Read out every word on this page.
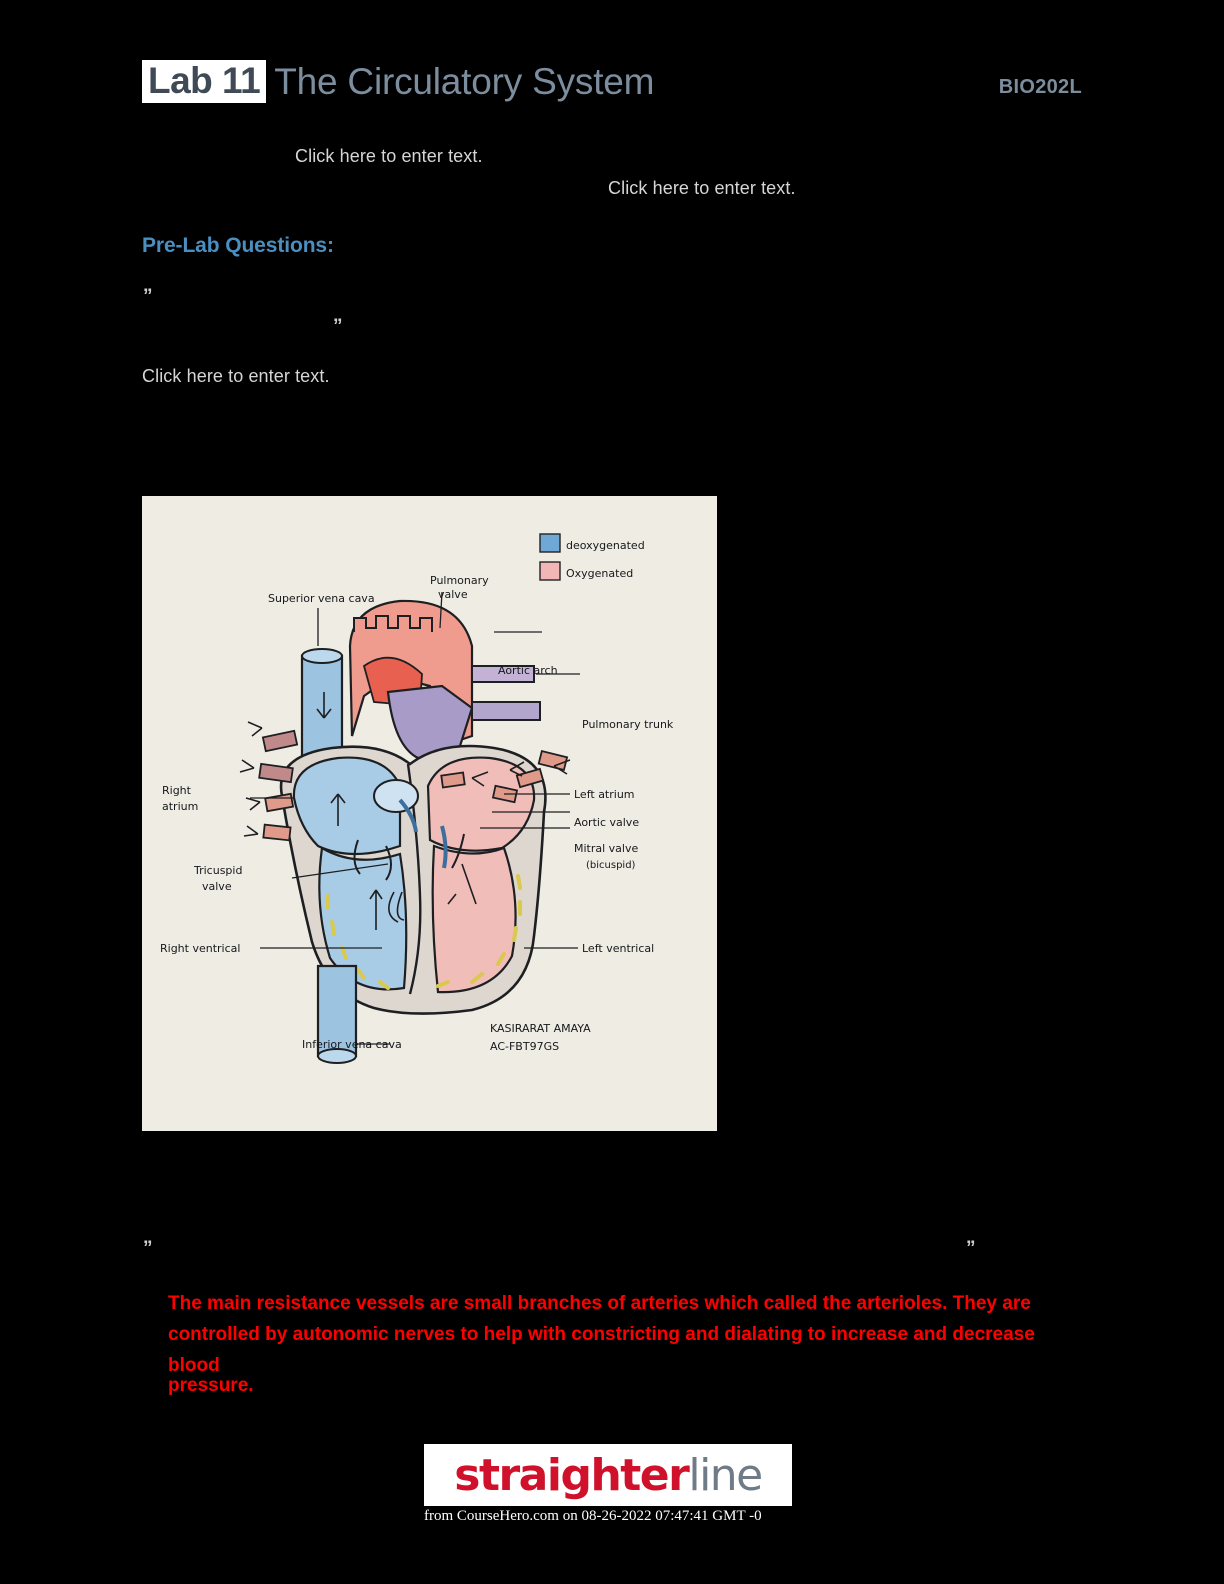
Lab 11 The Circulatory System	BIO202L
Click here to enter text.
Click here to enter text.
Pre-Lab Questions:
”
”
Click here to enter text.
deoxygenated
Oxygenated
Superior vena cava
Pulmonary
valve
Aortic arch
Pulmonary trunk
Right
atrium
Left atrium
Aortic valve
Mitral valve
(bicuspid)
Tricuspid
valve
Right ventrical	Left ventrical
Inferior vena cava
KASIRARAT AMAYA
AC-FBT97GS
”	”
The main resistance vessels are small branches of arteries which called the arterioles. They are controlled by autonomic nerves to help with constricting and dialating to increase and decrease blood
pressure.
straighter line
from CourseHero.com on 08-26-2022 07:47:41 GMT -0
